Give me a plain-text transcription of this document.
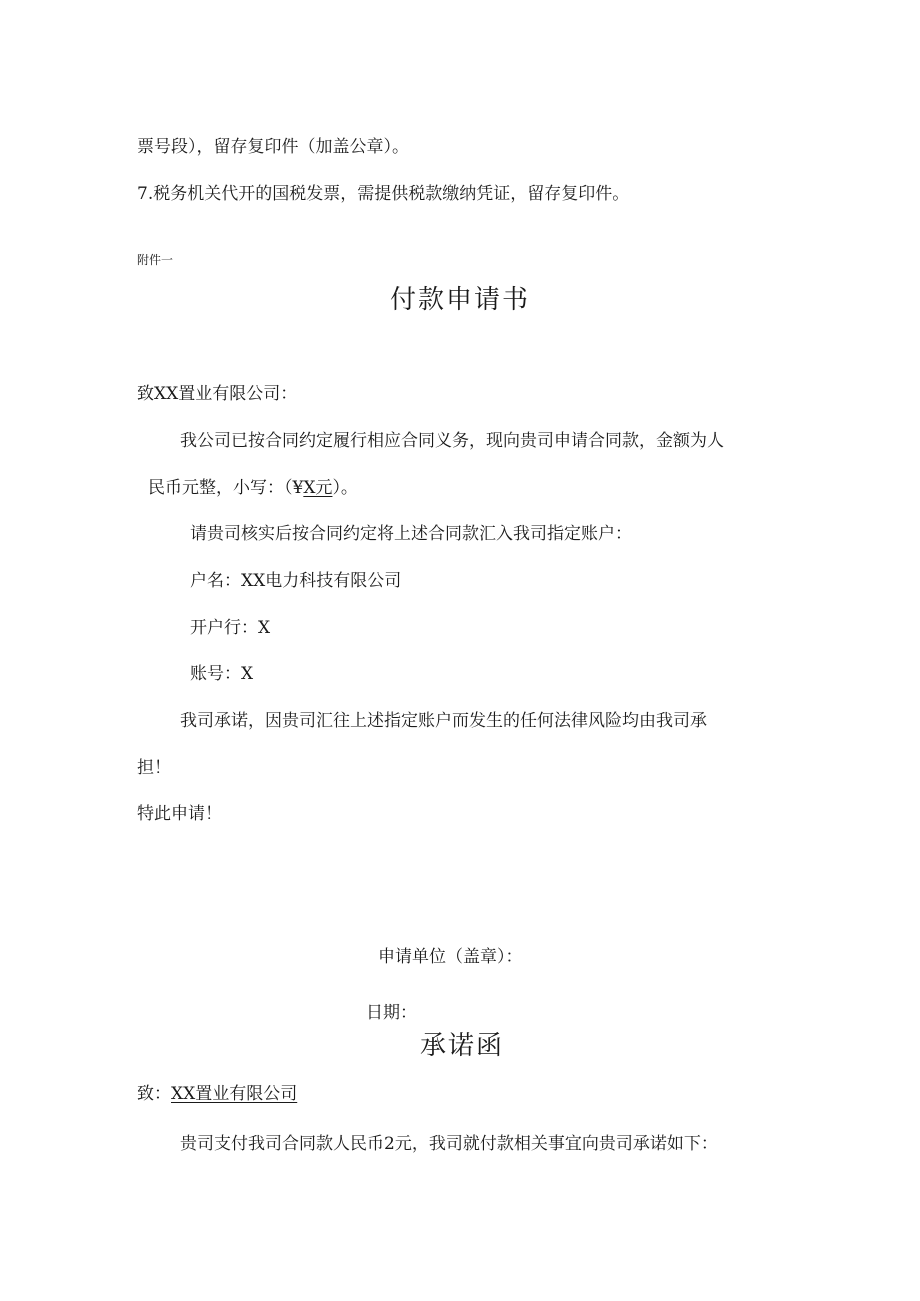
票号段），留存复印件（加盖公章）。
7.税务机关代开的国税发票，需提供税款缴纳凭证，留存复印件。
附件一
付款申请书
致XX置业有限公司：
我公司已按合同约定履行相应合同义务，现向贵司申请合同款，金额为人
民币元整，小写：（¥X元）。
请贵司核实后按合同约定将上述合同款汇入我司指定账户：
户名：XX电力科技有限公司
开户行：X
账号：X
我司承诺，因贵司汇往上述指定账户而发生的任何法律风险均由我司承
担！
特此申请！
申请单位（盖章）：
日期：
承诺函
致：XX置业有限公司
贵司支付我司合同款人民币2元，我司就付款相关事宜向贵司承诺如下：
